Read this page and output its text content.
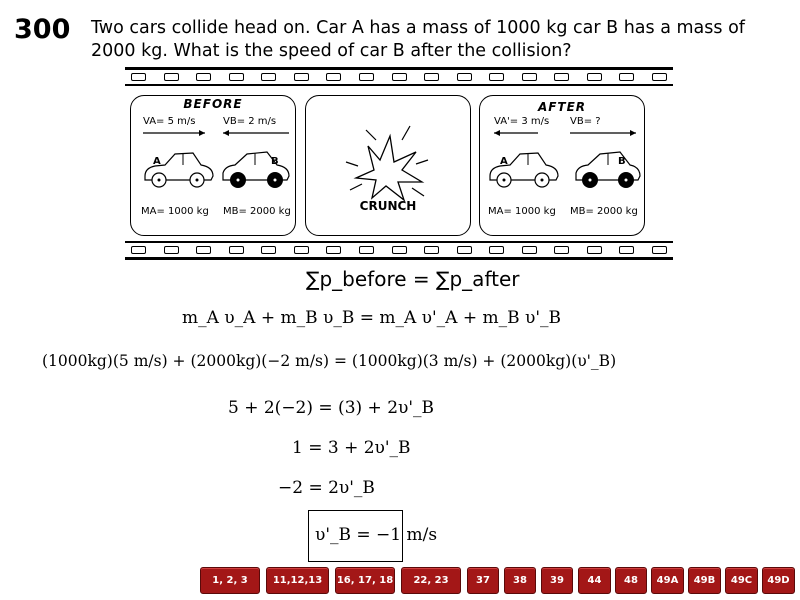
300 Two cars collide head on. Car A has a mass of 1000 kg car B has a mass of 2000 kg. What is the speed of car B after the collision?
BEFORE
VA= 5 m/s	VB= 2 m/s
A	B
MA= 1000 kg MB= 2000 kg	CRUNCH
AFTER
VA'= 3 m/s VB= ?
A	B
MA= 1000 kg MB= 2000 kg
∑p_before = ∑p_after
m_A υ_A + m_B υ_B = m_A υ'_A + m_B υ'_B
(1000kg)(5 m/s) + (2000kg)(−2 m/s) = (1000kg)(3 m/s) + (2000kg)(υ'_B)
5 + 2(−2) = (3) + 2υ'_B
1 = 3 + 2υ'_B
−2 = 2υ'_B
υ'_B = −1 m/s
1, 2, 3	11,12,13	16, 17, 18	22, 23	37	38	39	44	48	49A	49B	49C	49D
